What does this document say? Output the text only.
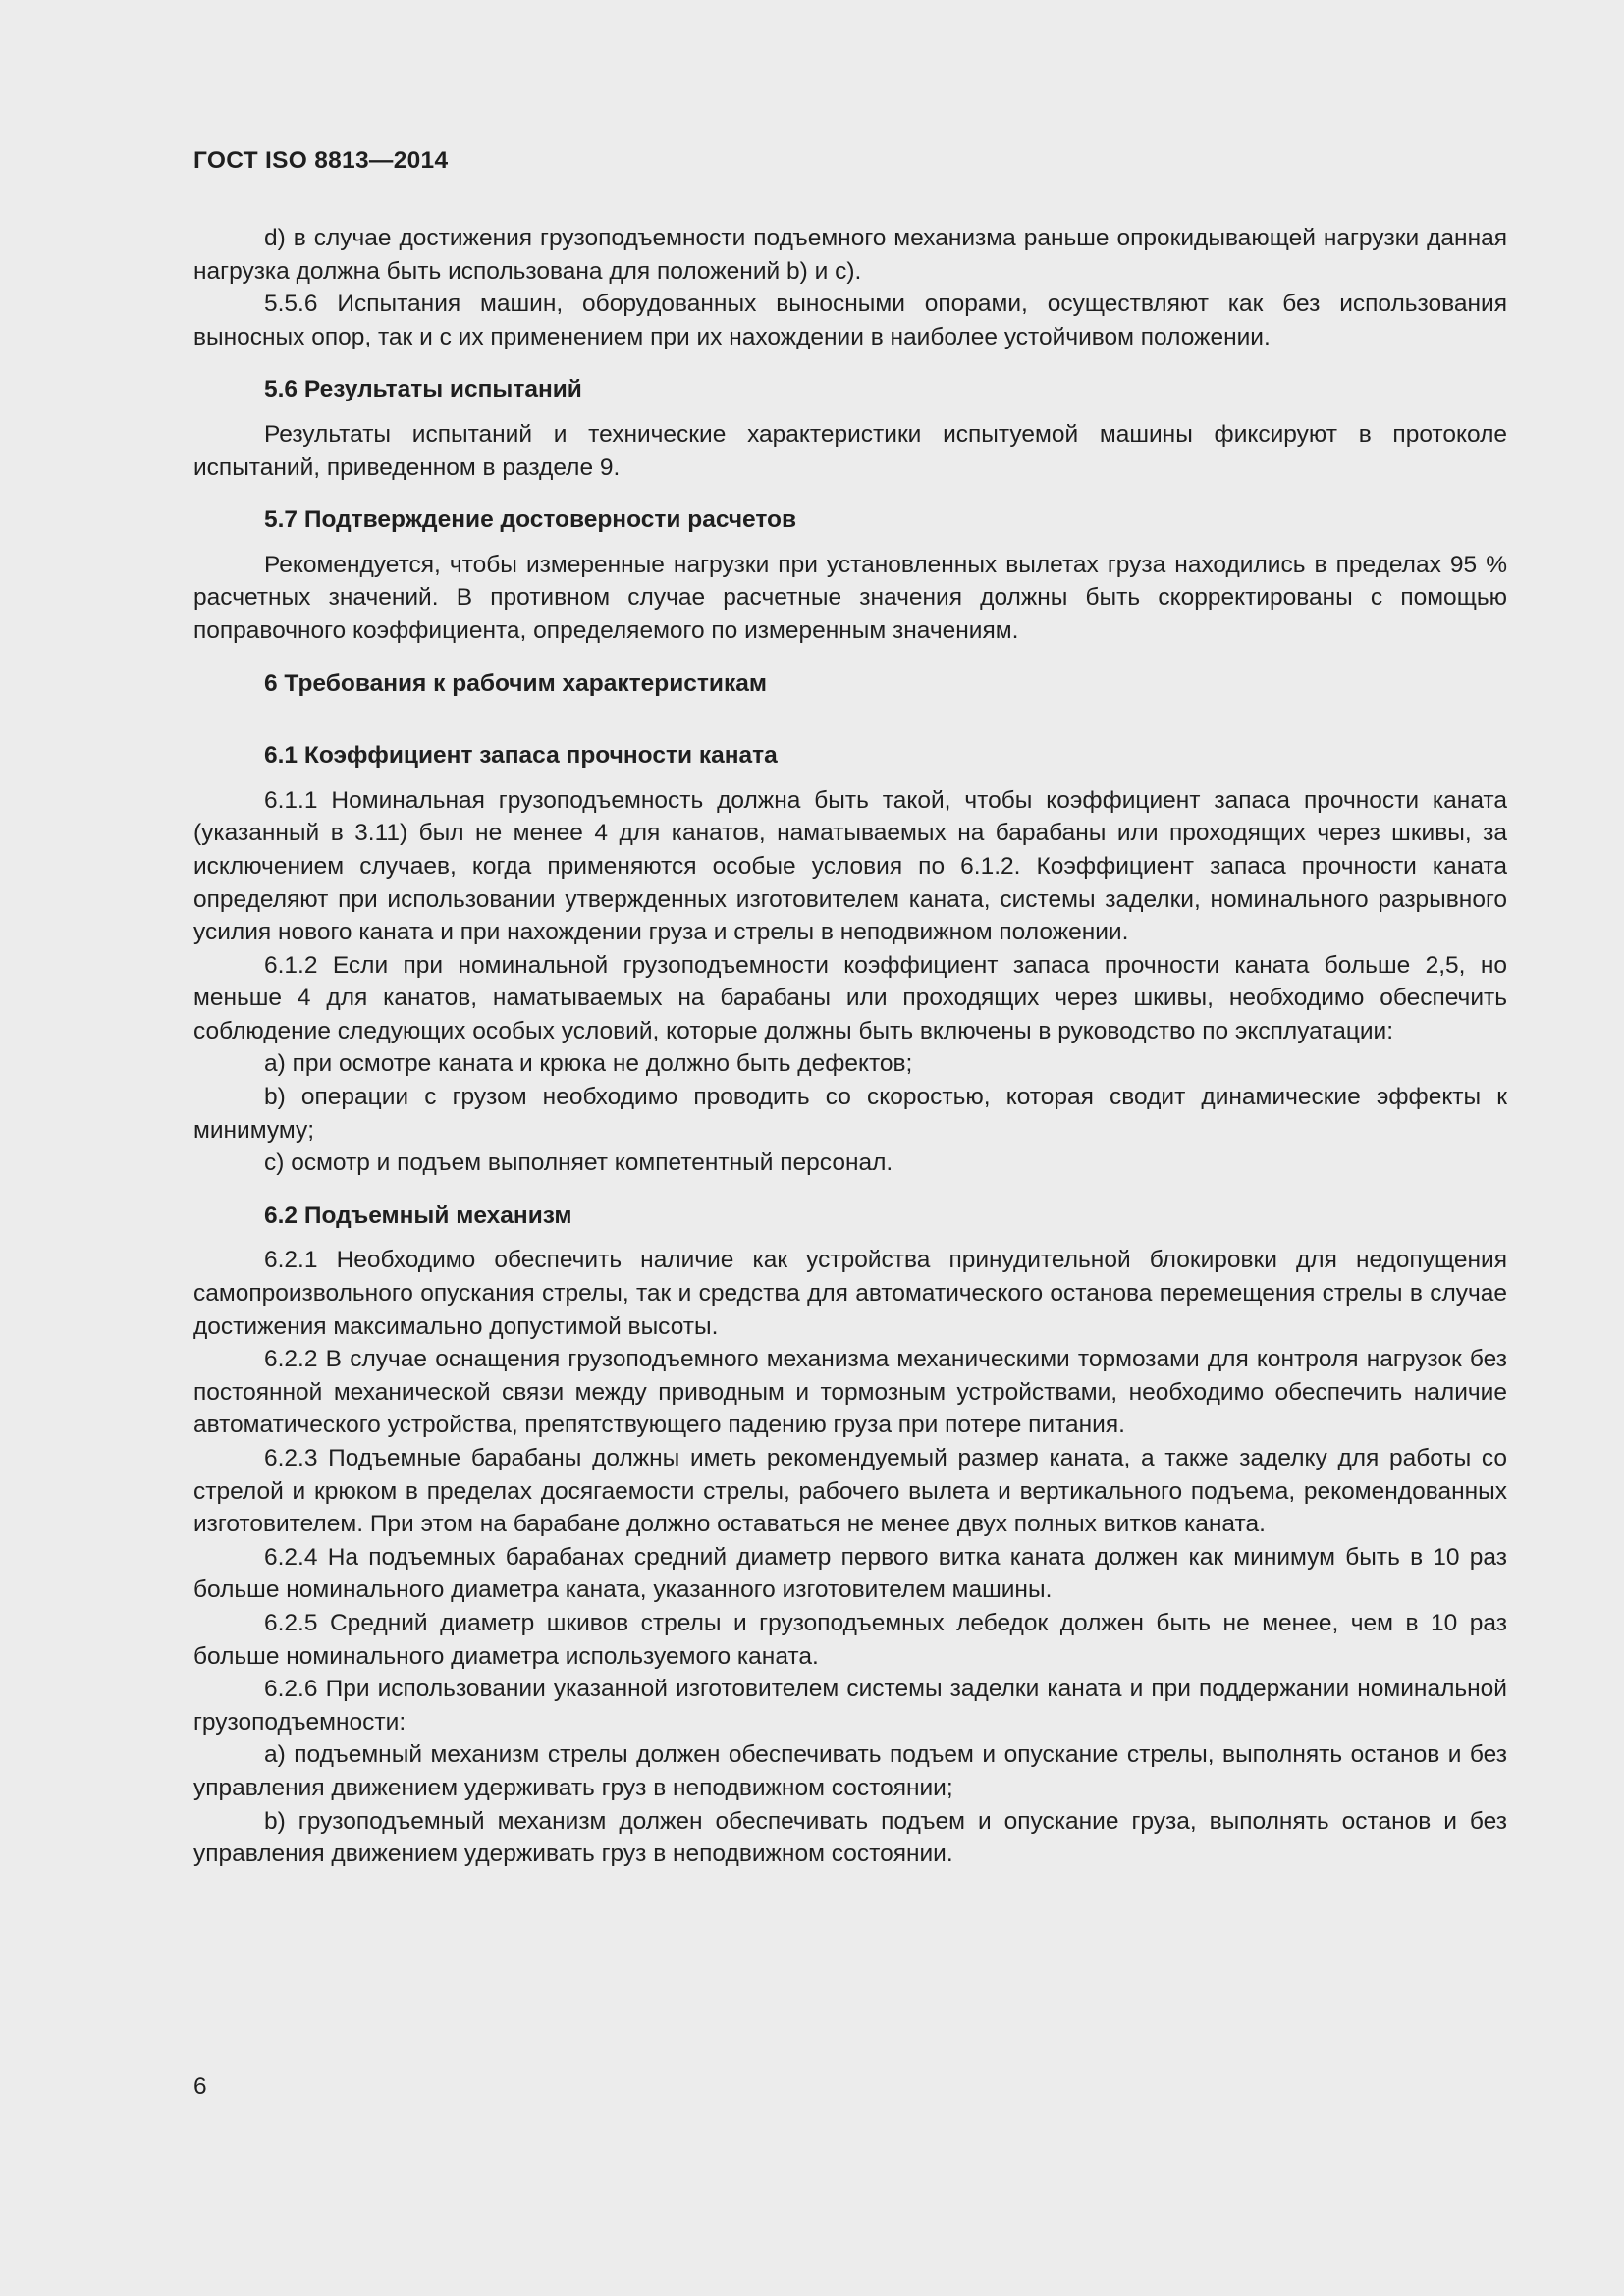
ГОСТ ISO 8813—2014

d) в случае достижения грузоподъемности подъемного механизма раньше опрокидывающей нагрузки данная нагрузка должна быть использована для положений b) и с).

5.5.6 Испытания машин, оборудованных выносными опорами, осуществляют как без использования выносных опор, так и с их применением при их нахождении в наиболее устойчивом положении.

5.6 Результаты испытаний

Результаты испытаний и технические характеристики испытуемой машины фиксируют в протоколе испытаний, приведенном в разделе 9.

5.7 Подтверждение достоверности расчетов

Рекомендуется, чтобы измеренные нагрузки при установленных вылетах груза находились в пределах 95 % расчетных значений. В противном случае расчетные значения должны быть скорректированы с помощью поправочного коэффициента, определяемого по измеренным значениям.

6 Требования к рабочим характеристикам
6.1 Коэффициент запаса прочности каната

6.1.1 Номинальная грузоподъемность должна быть такой, чтобы коэффициент запаса прочности каната (указанный в 3.11) был не менее 4 для канатов, наматываемых на барабаны или проходящих через шкивы, за исключением случаев, когда применяются особые условия по 6.1.2. Коэффициент запаса прочности каната определяют при использовании утвержденных изготовителем каната, системы заделки, номинального разрывного усилия нового каната и при нахождении груза и стрелы в неподвижном положении.

6.1.2 Если при номинальной грузоподъемности коэффициент запаса прочности каната больше 2,5, но меньше 4 для канатов, наматываемых на барабаны или проходящих через шкивы, необходимо обеспечить соблюдение следующих особых условий, которые должны быть включены в руководство по эксплуатации:

а) при осмотре каната и крюка не должно быть дефектов;

b) операции с грузом необходимо проводить со скоростью, которая сводит динамические эффекты к минимуму;

с) осмотр и подъем выполняет компетентный персонал.

6.2 Подъемный механизм

6.2.1 Необходимо обеспечить наличие как устройства принудительной блокировки для недопущения самопроизвольного опускания стрелы, так и средства для автоматического останова перемещения стрелы в случае достижения максимально допустимой высоты.

6.2.2 В случае оснащения грузоподъемного механизма механическими тормозами для контроля нагрузок без постоянной механической связи между приводным и тормозным устройствами, необходимо обеспечить наличие автоматического устройства, препятствующего падению груза при потере питания.

6.2.3 Подъемные барабаны должны иметь рекомендуемый размер каната, а также заделку для работы со стрелой и крюком в пределах досягаемости стрелы, рабочего вылета и вертикального подъема, рекомендованных изготовителем. При этом на барабане должно оставаться не менее двух полных витков каната.

6.2.4 На подъемных барабанах средний диаметр первого витка каната должен как минимум быть в 10 раз больше номинального диаметра каната, указанного изготовителем машины.

6.2.5 Средний диаметр шкивов стрелы и грузоподъемных лебедок должен быть не менее, чем в 10 раз больше номинального диаметра используемого каната.

6.2.6 При использовании указанной изготовителем системы заделки каната и при поддержании номинальной грузоподъемности:

а) подъемный механизм стрелы должен обеспечивать подъем и опускание стрелы, выполнять останов и без управления движением удерживать груз в неподвижном состоянии;

b) грузоподъемный механизм должен обеспечивать подъем и опускание груза, выполнять останов и без управления движением удерживать груз в неподвижном состоянии.

6
